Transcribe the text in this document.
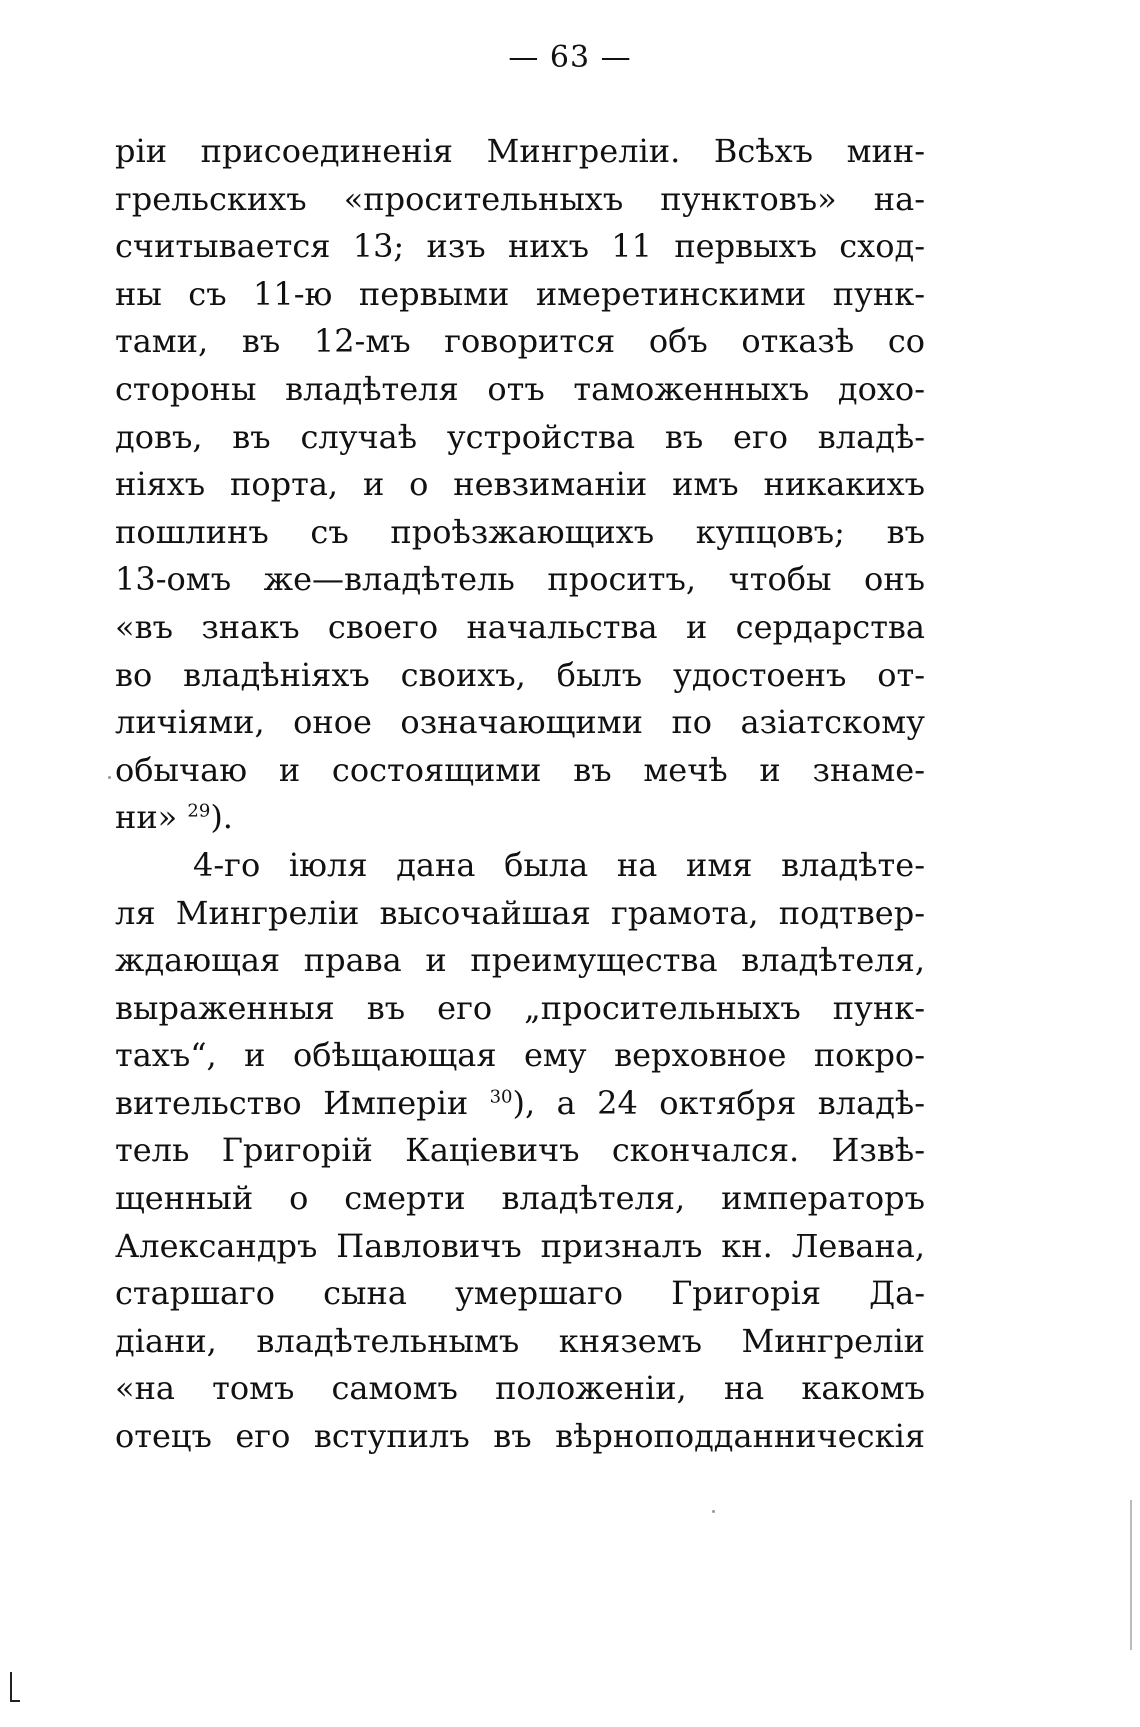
— 63 —
ріи присоединенія Мингреліи. Всѣхъ мин-
грельскихъ «просительныхъ пунктовъ» на-
считывается 13; изъ нихъ 11 первыхъ сход-
ны съ 11-ю первыми имеретинскими пунк-
тами, въ 12-мъ говорится объ отказѣ со
стороны владѣтеля отъ таможенныхъ дохо-
довъ, въ случаѣ устройства въ его владѣ-
ніяхъ порта, и о невзиманіи имъ никакихъ
пошлинъ съ проѣзжающихъ купцовъ; въ
13-омъ же—владѣтель проситъ, чтобы онъ
«въ знакъ своего начальства и сердарства
во владѣніяхъ своихъ, былъ удостоенъ от-
личіями, оное означающими по азіатскому
обычаю и состоящими въ мечѣ и знаме-
ни» $^{29}$).
4-го іюля дана была на имя владѣте-
ля Мингреліи высочайшая грамота, подтвер-
ждающая права и преимущества владѣтеля,
выраженныя въ его „просительныхъ пунк-
тахъ“, и обѣщающая ему верховное покро-
вительство Имперіи $^{30}$), а 24 октября владѣ-
тель Григорій Каціевичъ скончался. Извѣ-
щенный о смерти владѣтеля, императоръ
Александръ Павловичъ призналъ кн. Левана,
старшаго сына умершаго Григорія Да-
діани, владѣтельнымъ княземъ Мингреліи
«на томъ самомъ положеніи, на какомъ
отецъ его вступилъ въ вѣрноподданническія
